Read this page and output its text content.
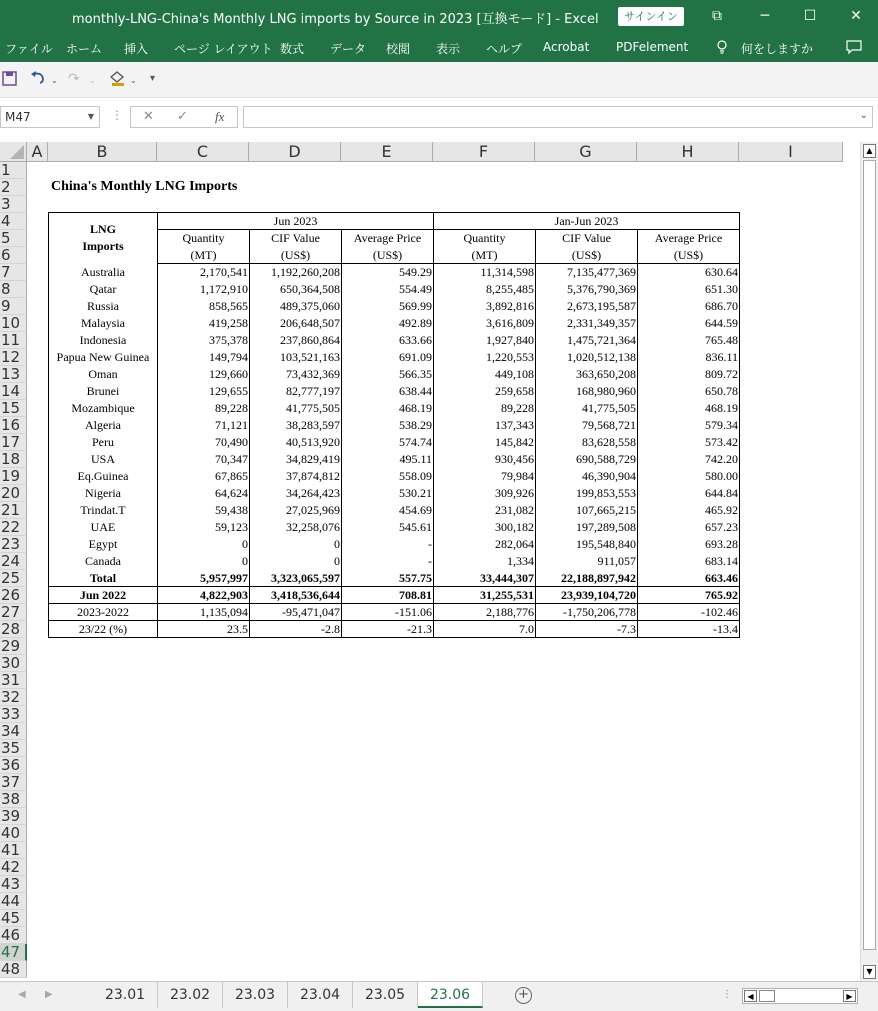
monthly-LNG-China's Monthly LNG imports by Source in 2023 [互換モード] - Excel	サインイン	⧉	─	☐	✕
ファイル ホーム 挿入 ページ レイアウト 数式 データ 校閲 表示 ヘルプ Acrobat PDFelement	何をしますか
⌄ ↷ ⌄	⌄ ▾
M47	▼ ⋮ ✕ ✓ fx	⌄
A	B	C	D	E	F	G	H	I
1
2
3
4
5
6
7
8
9
10
11
12
13
14
15
16
17
18
19
20
21
22
23
24
25
26
27
28
29
30
31
32
33
34
35
36
37
38
39
40
41
42
43
44
45
46
47
48
China's Monthly LNG Imports
LNG
Imports	Jun 2023			Jan-Jun 2023		
	Quantity	CIF Value	Average Price	Quantity	CIF Value	Average Price
	(MT)	(US$)	(US$)	(MT)	(US$)	(US$)
Australia	2,170,541	1,192,260,208	549.29	11,314,598	7,135,477,369	630.64
Qatar	1,172,910	650,364,508	554.49	8,255,485	5,376,790,369	651.30
Russia	858,565	489,375,060	569.99	3,892,816	2,673,195,587	686.70
Malaysia	419,258	206,648,507	492.89	3,616,809	2,331,349,357	644.59
Indonesia	375,378	237,860,864	633.66	1,927,840	1,475,721,364	765.48
Papua New Guinea	149,794	103,521,163	691.09	1,220,553	1,020,512,138	836.11
Oman	129,660	73,432,369	566.35	449,108	363,650,208	809.72
Brunei	129,655	82,777,197	638.44	259,658	168,980,960	650.78
Mozambique	89,228	41,775,505	468.19	89,228	41,775,505	468.19
Algeria	71,121	38,283,597	538.29	137,343	79,568,721	579.34
Peru	70,490	40,513,920	574.74	145,842	83,628,558	573.42
USA	70,347	34,829,419	495.11	930,456	690,588,729	742.20
Eq.Guinea	67,865	37,874,812	558.09	79,984	46,390,904	580.00
Nigeria	64,624	34,264,423	530.21	309,926	199,853,553	644.84
Trindat.T	59,438	27,025,969	454.69	231,082	107,665,215	465.92
UAE	59,123	32,258,076	545.61	300,182	197,289,508	657.23
Egypt	0	0	-	282,064	195,548,840	693.28
Canada	0	0	-	1,334	911,057	683.14
Total	5,957,997	3,323,065,597	557.75	33,444,307	22,188,897,942	663.46
Jun 2022	4,822,903	3,418,536,644	708.81	31,255,531	23,939,104,720	765.92
2023-2022	1,135,094	-95,471,047	-151.06	2,188,776	-1,750,206,778	-102.46
23/22 (%)	23.5	-2.8	-21.3	7.0	-7.3	-13.4
▲
▼
◀ ▶	23.01	23.02	23.03	23.04	23.05	23.06	+	⋮	◀	▶
